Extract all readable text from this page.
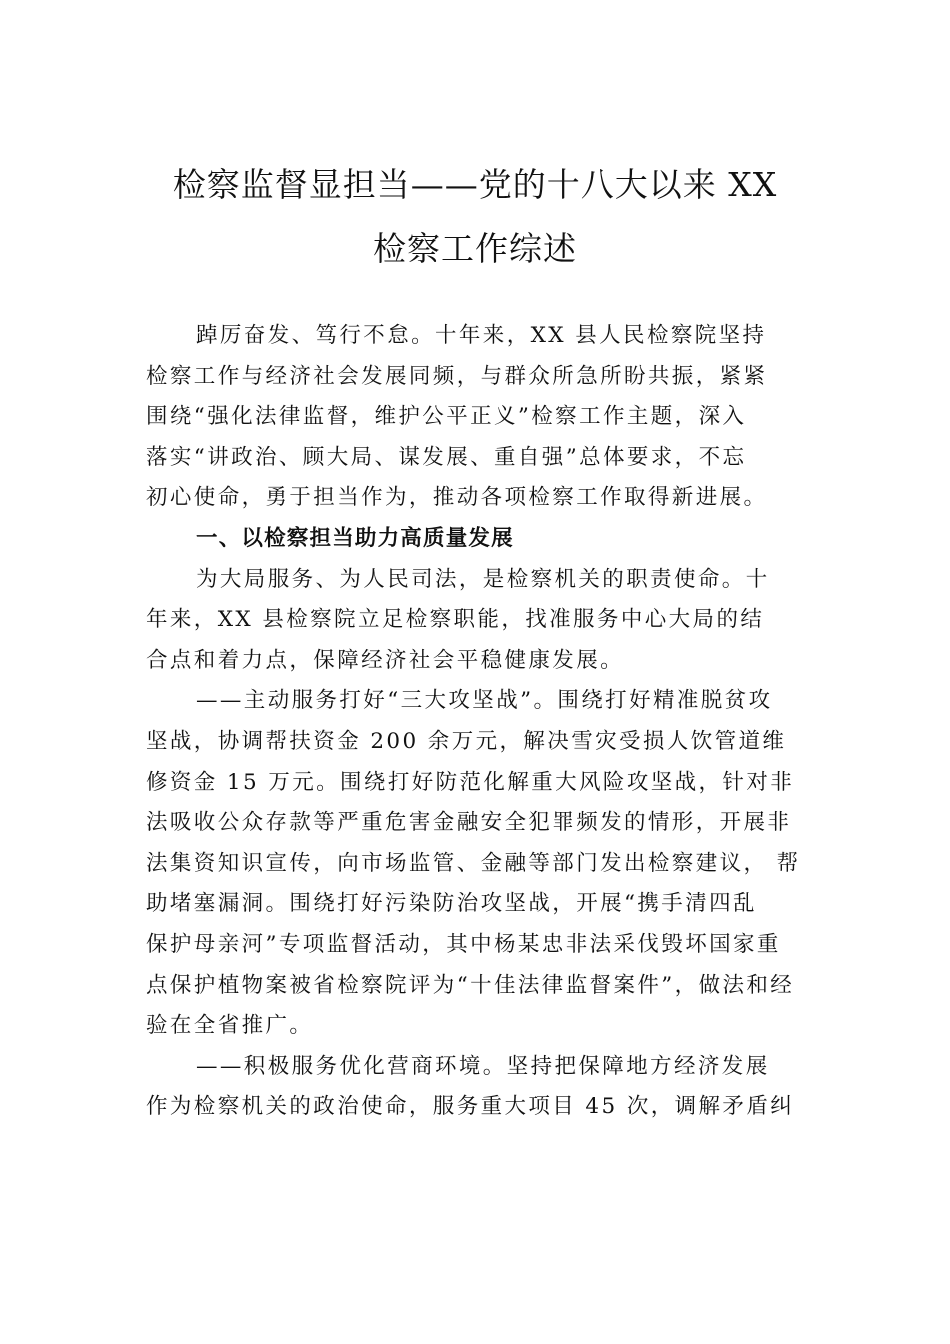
检察监督显担当——党的十八大以来 XX
检察工作综述
踔厉奋发、笃行不怠。十年来，XX 县人民检察院坚持
检察工作与经济社会发展同频，与群众所急所盼共振，紧紧
围绕“强化法律监督，维护公平正义”检察工作主题，深入
落实“讲政治、顾大局、谋发展、重自强”总体要求，不忘
初心使命，勇于担当作为，推动各项检察工作取得新进展。
一、以检察担当助力高质量发展
为大局服务、为人民司法，是检察机关的职责使命。十
年来，XX 县检察院立足检察职能，找准服务中心大局的结
合点和着力点，保障经济社会平稳健康发展。
——主动服务打好“三大攻坚战”。围绕打好精准脱贫攻
坚战，协调帮扶资金 200 余万元，解决雪灾受损人饮管道维
修资金 15 万元。围绕打好防范化解重大风险攻坚战，针对非
法吸收公众存款等严重危害金融安全犯罪频发的情形，开展非
法集资知识宣传，向市场监管、金融等部门发出检察建议， 帮
助堵塞漏洞。围绕打好污染防治攻坚战，开展“携手清四乱
保护母亲河”专项监督活动，其中杨某忠非法采伐毁坏国家重
点保护植物案被省检察院评为“十佳法律监督案件”，做法和经
验在全省推广。
——积极服务优化营商环境。坚持把保障地方经济发展
作为检察机关的政治使命，服务重大项目 45 次，调解矛盾纠
